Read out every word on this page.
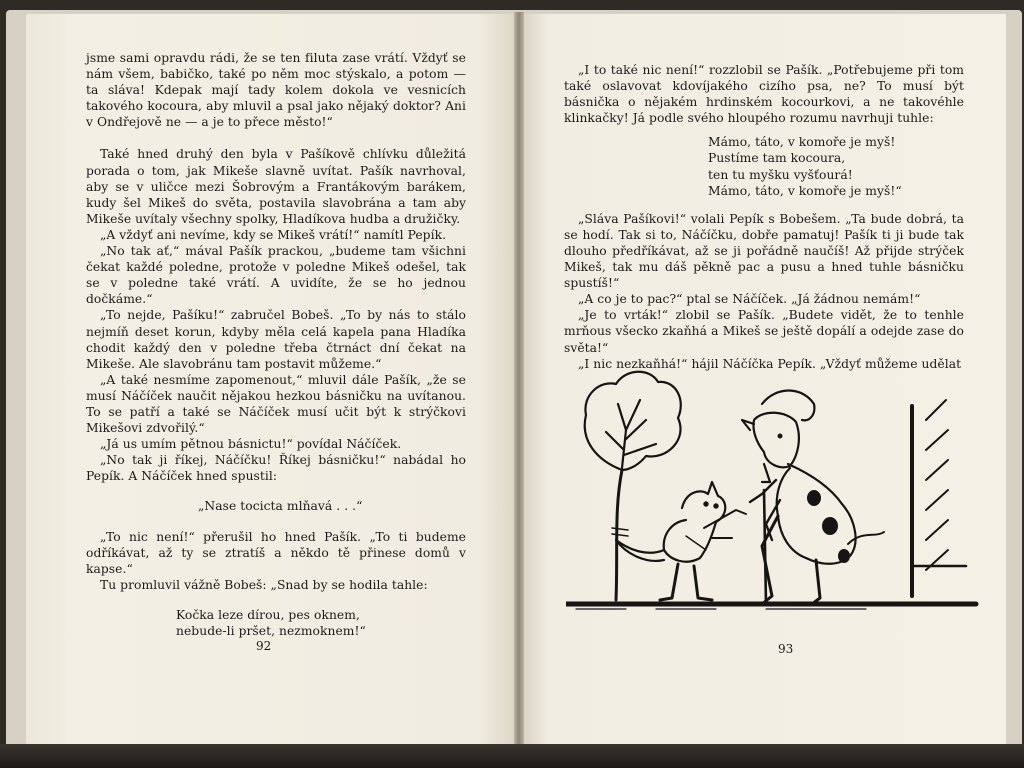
jsme sami opravdu rádi, že se ten filuta zase vrátí. Vždyť se nám všem, babičko, také po něm moc stýskalo, a potom — ta sláva! Kdepak mají tady kolem dokola ve vesnicích takového kocoura, aby mluvil a psal jako nějaký doktor? Ani v Ondřejově ne — a je to přece město!“

Také hned druhý den byla v Pašíkově chlívku důležitá porada o tom, jak Mikeše slavně uvítat. Pašík navrhoval, aby se v uličce mezi Šobrovým a Frantákovým barákem, kudy šel Mikeš do světa, postavila slavobrána a tam aby Mikeše uvítaly všechny spolky, Hladíkova hudba a družičky.

„A vždyť ani nevíme, kdy se Mikeš vrátí!“ namítl Pepík.

„No tak ať,“ mával Pašík prackou, „budeme tam všichni čekat každé poledne, protože v poledne Mikeš odešel, tak se v poledne také vrátí. A uvidíte, že se ho jednou dočkáme.“

„To nejde, Pašíku!“ zabručel Bobeš. „To by nás to stálo nejmíň deset korun, kdyby měla celá kapela pana Hladíka chodit každý den v poledne třeba čtrnáct dní čekat na Mikeše. Ale slavobránu tam postavit můžeme.“

„A také nesmíme zapomenout,“ mluvil dále Pašík, „že se musí Náčíček naučit nějakou hezkou básničku na uvítanou. To se patří a také se Náčíček musí učit být k strýčkovi Mikešovi zdvořilý.“

„Já us umím pětnou básnictu!“ povídal Náčíček.

„No tak ji říkej, Náčíčku! Říkej básničku!“ nabádal ho Pepík. A Náčíček hned spustil:

„Nase tocicta mlňavá . . .“

„To nic není!“ přerušil ho hned Pašík. „To ti budeme odříkávat, až ty se ztratíš a někdo tě přinese domů v kapse.“

Tu promluvil vážně Bobeš: „Snad by se hodila tahle:

Kočka leze dírou, pes oknem,
nebude-li pršet, nezmoknem!“
92

„I to také nic není!“ rozzlobil se Pašík. „Potřebujeme při tom také oslavovat kdovíjakého cizího psa, ne? To musí být básnička o nějakém hrdinském kocourkovi, a ne takovéhle klinkačky! Já podle svého hloupého rozumu navrhuji tuhle:

Mámo, táto, v komoře je myš!
Pustíme tam kocoura,
ten tu myšku vyšťourá!
Mámo, táto, v komoře je myš!“

„Sláva Pašíkovi!“ volali Pepík s Bobešem. „Ta bude dobrá, ta se hodí. Tak si to, Náčíčku, dobře pamatuj! Pašík ti ji bude tak dlouho předříkávat, až se ji pořádně naučíš! Až přijde strýček Mikeš, tak mu dáš pěkně pac a pusu a hned tuhle básničku spustíš!“

„A co je to pac?“ ptal se Náčíček. „Já žádnou nemám!“

„Je to vrták!“ zlobil se Pašík. „Budete vidět, že to tenhle mrňous všecko zkaňhá a Mikeš se ještě dopálí a odejde zase do světa!“

„I nic nezkaňhá!“ hájil Náčíčka Pepík. „Vždyť můžeme udělat

93
